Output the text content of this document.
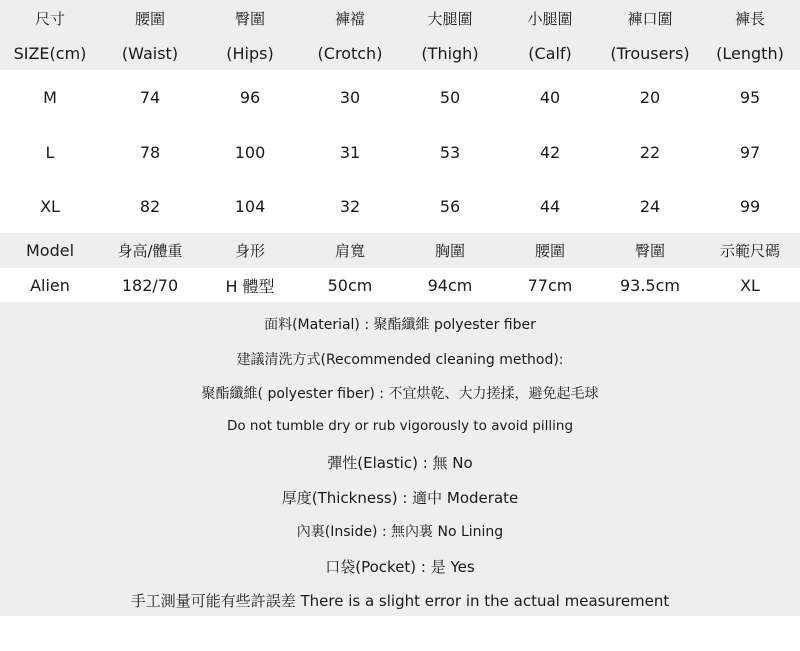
尺寸	腰圍	臀圍	褲襠	大腿圍	小腿圍	褲口圍	褲長
SIZE(cm)	(Waist)	(Hips)	(Crotch)	(Thigh)	(Calf)	(Trousers)	(Length)
M	74	96	30	50	40	20	95
L	78	100	31	53	42	22	97
XL	82	104	32	56	44	24	99
Model	身高/體重	身形	肩寬	胸圍	腰圍	臀圍	示範尺碼
Alien	182/70	H 體型	50cm	94cm	77cm	93.5cm	XL
面料(Material) : 聚酯纖維 polyester fiber
建議清洗方式(Recommended cleaning method):
聚酯纖維( polyester fiber) : 不宜烘乾、大力搓揉，避免起毛球
Do not tumble dry or rub vigorously to avoid pilling
彈性(Elastic) : 無 No
厚度(Thickness) : 適中 Moderate
內裏(Inside) : 無內裏 No Lining
口袋(Pocket) : 是 Yes
手工測量可能有些許誤差 There is a slight error in the actual measurement
